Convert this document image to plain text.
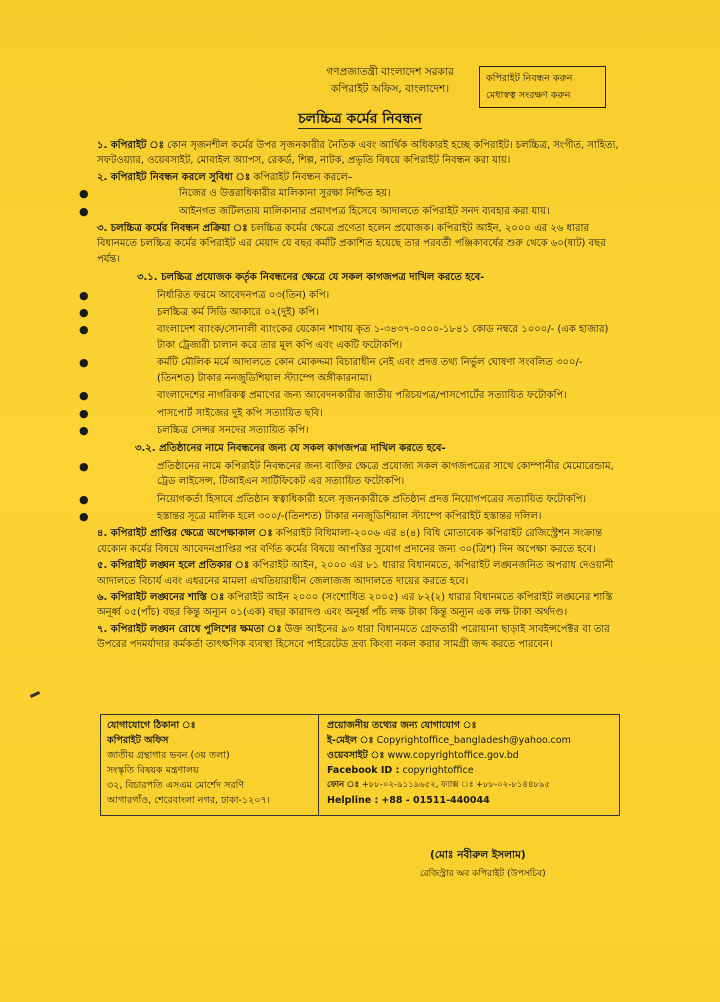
গণপ্রজাতন্ত্রী বাংলাদেশ সরকার
কপিরাইট অফিস, বাংলাদেশ।
কপিরাইট নিবন্ধন করুন
মেধাস্বত্ব সংরক্ষণ করুন
চলচ্চিত্র কর্মের নিবন্ধন

১. কপিরাইট ঃ কোন সৃজনশীল কর্মের উপর সৃজনকারীর নৈতিক এবং আর্থিক অধিকারই হচ্ছে কপিরাইট। চলচ্চিত্র, সংগীত, সাহিত্য, সফটওয়্যার, ওয়েবসাইট, মোবাইল অ্যাপস, রেকর্ড, শিল্প, নাটক, প্রভৃতি বিষয়ে কপিরাইট নিবন্ধন করা যায়।

২. কপিরাইট নিবন্ধন করলে সুবিধা ঃ কপিরাইট নিবন্ধন করলে–

●	নিজের ও উত্তরাধিকারীর মালিকানা সুরক্ষা নিশ্চিত হয়।
●	আইনগত জটিলতায় মালিকানার প্রমাণপত্র হিসেবে আদালতে কপিরাইট সনদ ব্যবহার করা যায়।

৩. চলচ্চিত্র কর্মের নিবন্ধন প্রক্রিয়া ঃ চলচ্চিত্র কর্মের ক্ষেত্রে প্রণেতা হলেন প্রযোজক। কপিরাইট আইন, ২০০০ এর ২৬ ধারার বিধানমতে চলচ্চিত্র কর্মের কপিরাইট এর মেয়াদ যে বছর কর্মটি প্রকাশিত হয়েছে তার পরবর্তী পঞ্জিকাবর্ষের শুরু থেকে ৬০(ষাট) বছর পর্যন্ত।

৩.১. চলচ্চিত্র প্রযোজক কর্তৃক নিবন্ধনের ক্ষেত্রে যে সকল কাগজপত্র দাখিল করতে হবে-
●	নির্ধারিত ফরমে আবেদনপত্র ০৩(তিন) কপি।
●	চলচ্চিত্র কর্ম সিডি আকারে ০২(দুই) কপি।
●	বাংলাদেশ ব্যাংক/সোনালী ব্যাংকের যেকোন শাখায় কৃত ১-৩৪৩৭-০০০০-১৮৪১ কোড নম্বরে ১০০০/- (এক হাজার) টাকা ট্রেজারী চালান করে তার মূল কপি এবং একটি ফটোকপি।
●	কর্মটি মৌলিক মর্মে আদালতে কোন মোকদ্দমা বিচারাধীন নেই এবং প্রদত্ত তথ্য নির্ভুল ঘোষণা সংবলিত ৩০০/-(তিনশত) টাকার ননজুডিশিয়াল স্ট্যাম্পে অঙ্গীকারনামা।
●	বাংলাদেশের নাগরিকত্ব প্রমাণের জন্য আবেদনকারীর জাতীয় পরিচয়পত্র/পাসপোর্টের সত্যায়িত ফটোকপি।
●	পাসপোর্ট সাইজের দুই কপি সত্যায়িত ছবি।
●	চলচ্চিত্র সেন্সর সনদের সত্যায়িত কপি।
৩.২. প্রতিষ্ঠানের নামে নিবন্ধনের জন্য যে সকল কাগজপত্র দাখিল করতে হবে-
●	প্রতিষ্ঠানের নামে কপিরাইট নিবন্ধনের জন্য ব্যক্তির ক্ষেত্রে প্রযোজ্য সকল কাগজপত্রের সাথে কোম্পানীর মেমোরেন্ডাম, ট্রেড লাইসেন্স, টিআইএন সার্টিফিকেট এর সত্যায়িত ফটোকপি।
●	নিয়োগকর্তা হিসাবে প্রতিষ্ঠান স্বত্বাধিকারী হলে সৃজনকারীকে প্রতিষ্ঠান প্রদত্ত নিয়োগপত্রের সত্যায়িত ফটোকপি।
●	হস্তান্তর সূত্রে মালিক হলে ৩০০/-(তিনশত) টাকার ননজুডিশিয়াল স্ট্যাম্পে কপিরাইট হস্তান্তর দলিল।

৪. কপিরাইট প্রাপ্তির ক্ষেত্রে অপেক্ষাকাল ঃ কপিরাইট বিধিমালা-২০০৬ এর ৪(৪) বিধি মোতাবেক কপিরাইট রেজিস্ট্রেশন সংক্রান্ত যেকোন কর্মের বিষয়ে আবেদনপ্রাপ্তির পর বর্ণিত কর্মের বিষয়ে আপত্তির সুযোগ প্রদানের জন্য ৩০(ত্রিশ) দিন অপেক্ষা করতে হবে।

৫. কপিরাইট লঙ্ঘন হলে প্রতিকার ঃ কপিরাইট আইন, ২০০০ এর ৮১ ধারার বিধানমতে, কপিরাইট লঙ্ঘনজনিত অপরাধ দেওয়ানী আদালতে বিচার্য এবং এধরনের মামলা এখতিয়ারাধীন জেলাজজ আদালতে দায়ের করতে হবে।

৬. কপিরাইট লঙ্ঘনের শাস্তি ঃ কপিরাইট আইন ২০০০ (সংশোধিত ২০০৫) এর ৮২(২) ধারার বিধানমতে কপিরাইট লঙ্ঘনের শাস্তি অনূর্ধ্ব ০৫(পাঁচ) বছর কিন্তু অন্যূন ০১(এক) বছর কারাদণ্ড এবং অনূর্ধ্ব পাঁচ লক্ষ টাকা কিন্তু অন্যূন এক লক্ষ টাকা অর্থদণ্ড।

৭. কপিরাইট লঙ্ঘন রোধে পুলিশের ক্ষমতা ঃ উক্ত আইনের ৯৩ ধারা বিধানমতে গ্রেফতারী পরোয়ানা ছাড়াই সাবইন্সপেক্টর বা তার উপরের পদমর্যাদার কর্মকর্তা তাৎক্ষণিক ব্যবস্থা হিসেবে পাইরেটেড দ্রব্য কিংবা নকল করার সামগ্রী জব্দ করতে পারবেন।

যোগাযোগে ঠিকানা ঃ
কপিরাইট অফিস
জাতীয় গ্রন্থাগার ভবন (৩য় তলা)
সংস্কৃতি বিষয়ক মন্ত্রণালয়
৩২, বিচারপতি এসএম মোর্শেদ সরণি
আগারগাঁও, শেরেবাংলা নগর, ঢাকা-১২০৭।
প্রয়োজনীয় তথ্যের জন্য যোগাযোগ ঃ
ই-মেইল ঃ Copyrightoffice_bangladesh@yahoo.com
ওয়েবসাইট ঃ www.copyrightoffice.gov.bd
Facebook ID : copyrightoffice
ফোন ঃ +৮৮-০২-৯১১৯৬৫২, ফ্যাক্স ঃ +৮৮-০২-৮১৪৪৮৯৫
Helpline : +88 - 01511-440044
(মোঃ নবীরুল ইসলাম)
রেজিস্ট্রার অব কপিরাইট (উপসচিব)
